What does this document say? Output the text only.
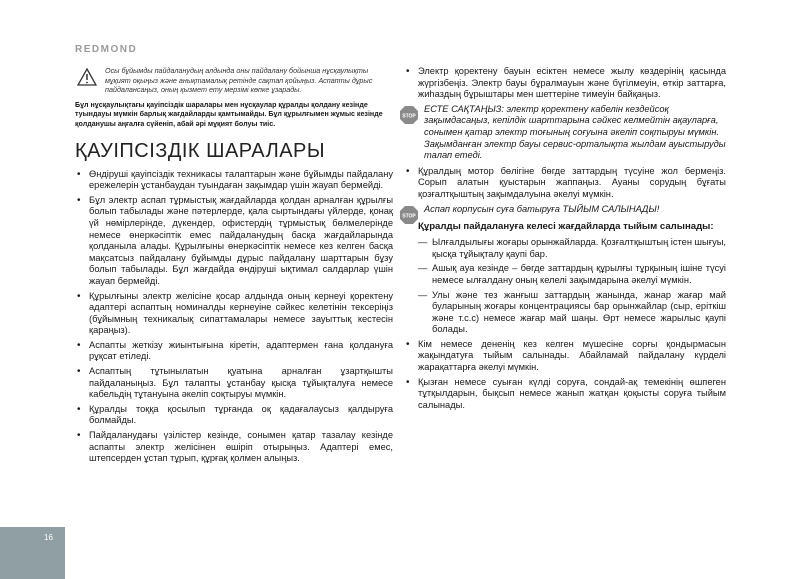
REDMOND
Осы бұйымды пайдаланудың алдында оны пайдалану бойынша нұсқаулықты мұқият оқыңыз және анықтамалық ретінде сақтап қойыңыз. Аспапты дұрыс пайдалансаңыз, оның қызмет ету мерзімі көпке ұзарады.
Бұл нұсқаулықтағы қауіпсіздік шаралары мен нұсқаулар құралды қолдану кезінде туындауы мүмкін барлық жағдайларды қамтымайды. Бұл құрылғымен жұмыс кезінде қолданушы аңғалға сүйеніп, абай әрі мұқият болуы тиіс.
ҚАУІПСІЗДІК ШАРАЛАРЫ
• Өндіруші қауіпсіздік техникасы талаптарын және бұйымды пайдалану ережелерін ұстанбаудан туындаған зақымдар үшін жауап бермейді.
• Бұл электр аспап тұрмыстық жағдайларда қолдан арналған құрылғы болып табылады және пәтерлерде, қала сыртындағы үйлерде, қонақ үй нөмірлерінде, дүкендер, офистердің тұрмыстық бөлмелерінде немесе өнеркәсіптік емес пайдаланудың басқа жағдайларында қолданыла алады. Құрылғыны өнеркәсіптік немесе кез келген басқа мақсатсыз пайдалану бұйымды дұрыс пайдалану шарттарын бұзу болып табылады. Бұл жағдайда өндіруші ықтимал салдарлар үшін жауап бермейді.
• Құрылғыны электр желісіне қосар алдында оның кернеуі қоректену адаптері аспаптың номиналды кернеуіне сәйкес келетінін тексеріңіз (бұйымның техникалық сипаттамалары немесе зауыттық кестесін қараңыз).
• Аспапты жеткізу жиынтығына кіретін, адаптермен ғана қолдануға рұқсат етіледі.
• Аспаптың тұтынылатын қуатына арналған ұзартқышты пайдаланыңыз. Бұл талапты ұстанбау қысқа тұйықталуға немесе кабельдің тұтануына әкеліп соқтыруы мүмкін.
• Құралды тоққа қосылып тұрғанда оқ қадағалаусыз қалдыруға болмайды.
• Пайдаланудағы үзілістер кезінде, сонымен қатар тазалау кезінде аспапты электр желісінен өшіріп отырыңыз. Адаптері емес, штепсерден ұстап тұрып, құрғақ қолмен алыңыз.
• Электр қоректену бауын есіктен немесе жылу көздерінің қасында жүргізбеңіз. Электр бауы бұралмауын және бүгілмеуін, өткір заттарға, жиһаздың бұрыштары мен шеттеріне тимеуін байқаңыз.
STOP
ЕСТЕ САҚТАҢЫЗ: электр қоректену кабелін кездейсоқ зақымдасаңыз, кепілдік шарттарына сәйкес келмейтін ақауларға, сонымен қатар электр тоғының соғуына әкеліп соқтыруы мүмкін. Зақымданған электр бауы сервис-орталықта жылдам ауыстыруды талап етеді.
• Құралдың мотор бөлігіне бөгде заттардың түсуіне жол бермеңіз. Сорып алатын қуыстарын жаппаңыз. Ауаны сорудың бұғаты қозғалтқыштың зақымдалуына әкелуі мүмкін.
STOP
Аспап корпусын суға батыруға ТЫЙЫМ САЛЫНАДЫ!
Құралды пайдалануға келесі жағдайларда тыйым салынады:
— Ылғалдылығы жоғары орынжайларда. Қозғалтқыштың істен шығуы, қысқа тұйықталу қаупі бар.
— Ашық ауа кезінде – бөгде заттардың құрылғы тұрқының ішіне түсуі немесе ылғалдану оның келелі зақымдарына әкелуі мүмкін.
— Улы және тез жанғыш заттардың жанында, жанар жағар май буларының жоғары концентрациясы бар орынжайлар (сыр, еріткіш және т.с.с) немесе жағар май шаңы. Өрт немесе жарылыс қаупі болады.
• Кім немесе дененің кез келген мүшесіне сорғы қондырмасын жақындатуға тыйым салынады. Абайламай пайдалану күрделі жарақаттарға әкелуі мүмкін.
• Қызған немесе суыған күлді соруға, сондай-ақ темекінің өшпеген тұтқылдарын, бықсып немесе жанып жатқан қоқысты соруға тыйым салынады.
16
